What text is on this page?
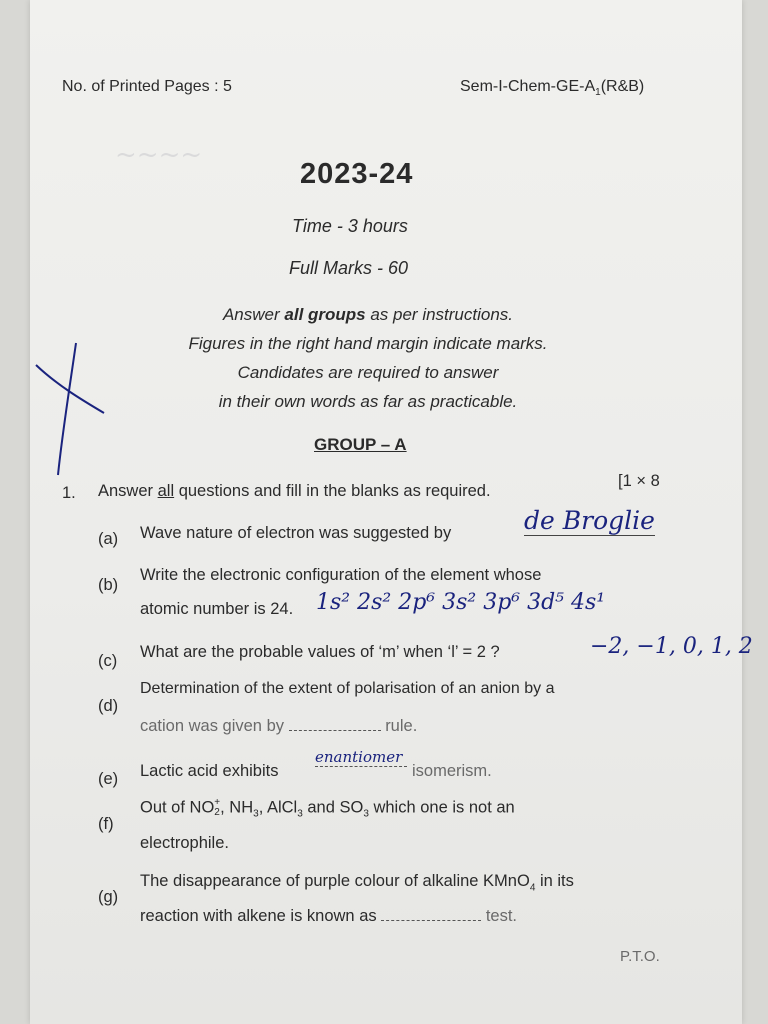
~~~~
No. of Printed Pages : 5	Sem-$I-Chem-GE-A_1(R\&B)$
2023-24
Time - 3 hours
Full Marks - 60
Answer all groups as per instructions.
Figures in the right hand margin indicate marks.
Candidates are required to answer
in their own words as far as practicable.
GROUP – A
1. Answer all questions and fill in the blanks as required.
[1 × 8
(a) Wave nature of electron was suggested by	de Broglie
(b)
Write the electronic configuration of the element whose
atomic number is 24. 1s² 2s² 2p⁶ 3s² 3p⁶ 3d⁵ 4s¹
(c) What are the probable values of ‘m’ when ‘l’ = 2 ?	−2, −1, 0, 1, 2
(d)
Determination of the extent of polarisation of an anion by a
cation was given by	rule.
(e) Lactic acid exhibits
enantiomer
isomerism.
(f)
Out of NO +
2 , $NH_3$, AlCl$_3$ and $SO_3$ which one is not an
electrophile.
(g)
The disappearance of purple colour of alkaline KMnO$_4$ in its
reaction with alkene is known as	test.
P.T.O.
